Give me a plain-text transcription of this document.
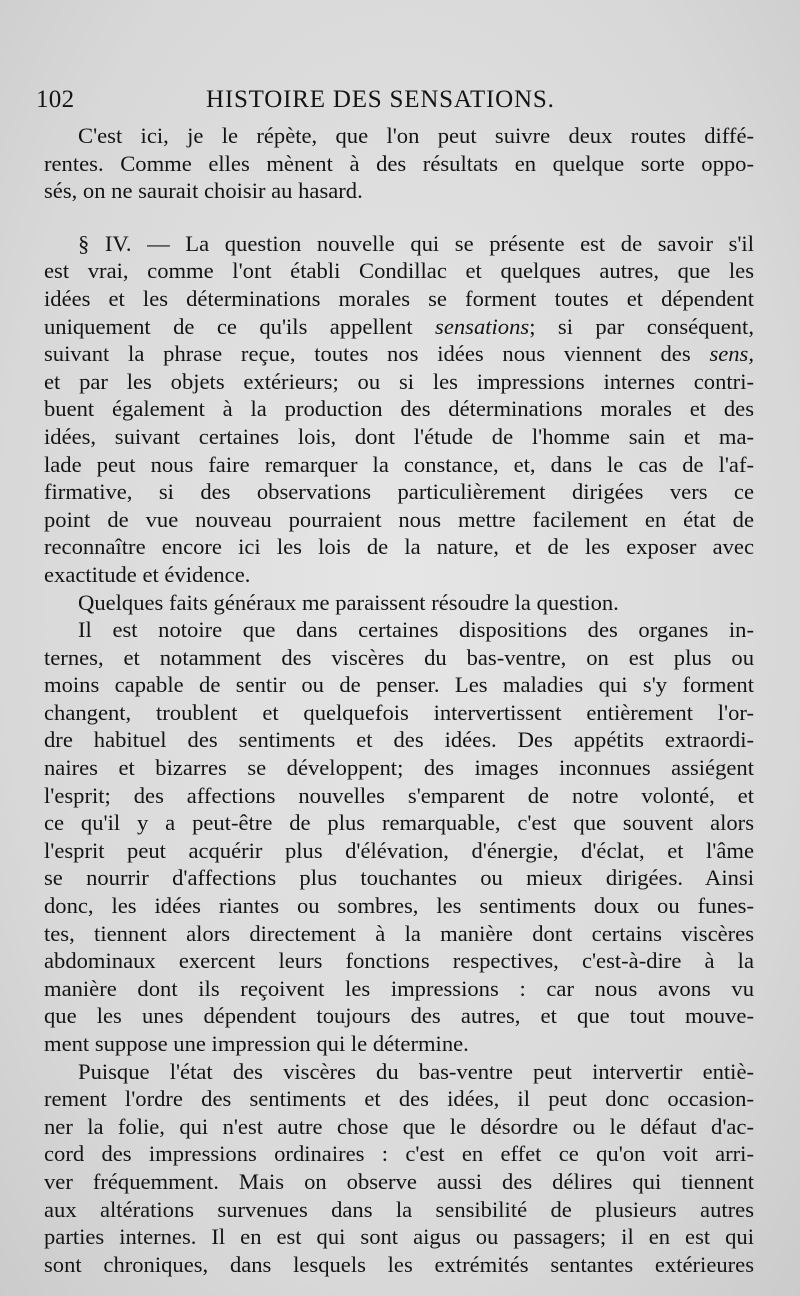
102	HISTOIRE DES SENSATIONS.
C'est ici, je le répète, que l'on peut suivre deux routes diffé-
rentes. Comme elles mènent à des résultats en quelque sorte oppo-
sés, on ne saurait choisir au hasard.
§ IV. — La question nouvelle qui se présente est de savoir s'il
est vrai, comme l'ont établi Condillac et quelques autres, que les
idées et les déterminations morales se forment toutes et dépendent
uniquement de ce qu'ils appellent sensations; si par conséquent,
suivant la phrase reçue, toutes nos idées nous viennent des sens,
et par les objets extérieurs; ou si les impressions internes contri-
buent également à la production des déterminations morales et des
idées, suivant certaines lois, dont l'étude de l'homme sain et ma-
lade peut nous faire remarquer la constance, et, dans le cas de l'af-
firmative, si des observations particulièrement dirigées vers ce
point de vue nouveau pourraient nous mettre facilement en état de
reconnaître encore ici les lois de la nature, et de les exposer avec
exactitude et évidence.
Quelques faits généraux me paraissent résoudre la question.
Il est notoire que dans certaines dispositions des organes in-
ternes, et notamment des viscères du bas-ventre, on est plus ou
moins capable de sentir ou de penser. Les maladies qui s'y forment
changent, troublent et quelquefois intervertissent entièrement l'or-
dre habituel des sentiments et des idées. Des appétits extraordi-
naires et bizarres se développent; des images inconnues assiégent
l'esprit; des affections nouvelles s'emparent de notre volonté, et
ce qu'il y a peut-être de plus remarquable, c'est que souvent alors
l'esprit peut acquérir plus d'élévation, d'énergie, d'éclat, et l'âme
se nourrir d'affections plus touchantes ou mieux dirigées. Ainsi
donc, les idées riantes ou sombres, les sentiments doux ou funes-
tes, tiennent alors directement à la manière dont certains viscères
abdominaux exercent leurs fonctions respectives, c'est-à-dire à la
manière dont ils reçoivent les impressions : car nous avons vu
que les unes dépendent toujours des autres, et que tout mouve-
ment suppose une impression qui le détermine.
Puisque l'état des viscères du bas-ventre peut intervertir entiè-
rement l'ordre des sentiments et des idées, il peut donc occasion-
ner la folie, qui n'est autre chose que le désordre ou le défaut d'ac-
cord des impressions ordinaires : c'est en effet ce qu'on voit arri-
ver fréquemment. Mais on observe aussi des délires qui tiennent
aux altérations survenues dans la sensibilité de plusieurs autres
parties internes. Il en est qui sont aigus ou passagers; il en est qui
sont chroniques, dans lesquels les extrémités sentantes extérieures
